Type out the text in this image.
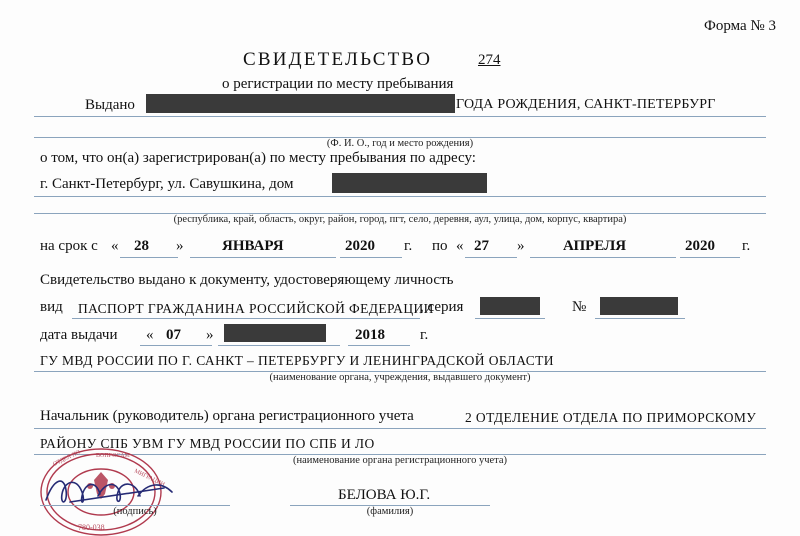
Форма № 3
СВИДЕТЕЛЬСТВО	274
о регистрации по месту пребывания
Выдано	ГОДА РОЖДЕНИЯ, САНКТ-ПЕТЕРБУРГ
(Ф. И. О., год и место рождения)
о том, что он(а) зарегистрирован(а) по месту пребывания по адресу:
г. Санкт-Петербург, ул. Савушкина, дом
(республика, край, область, округ, район, город, пгт, село, деревня, аул, улица, дом, корпус, квартира)
на срок с « 28 »	ЯНВАРЯ	2020 г. по « 27 »	АПРЕЛЯ	2020 г.
Свидетельство выдано к документу, удостоверяющему личность
вид ПАСПОРТ ГРАЖДАНИНА РОССИЙСКОЙ ФЕДЕРАЦИИ
, серия	№
дата выдачи « 07 »	2018 г.
ГУ МВД РОССИИ ПО Г. САНКТ – ПЕТЕРБУРГУ И ЛЕНИНГРАДСКОЙ ОБЛАСТИ
(наименование органа, учреждения, выдавшего документ)
Начальник (руководитель) органа регистрационного учета	2 ОТДЕЛЕНИЕ ОТДЕЛА ПО ПРИМОРСКОМУ
РАЙОНУ СПБ УВМ ГУ МВД РОССИИ ПО СПБ И ЛО
(наименование органа регистрационного учета)
ОТДЕЛ ПО ВОПРОСАМ
МИГРАЦИИ
780-038
(подпись)
БЕЛОВА Ю.Г.
(фамилия)
